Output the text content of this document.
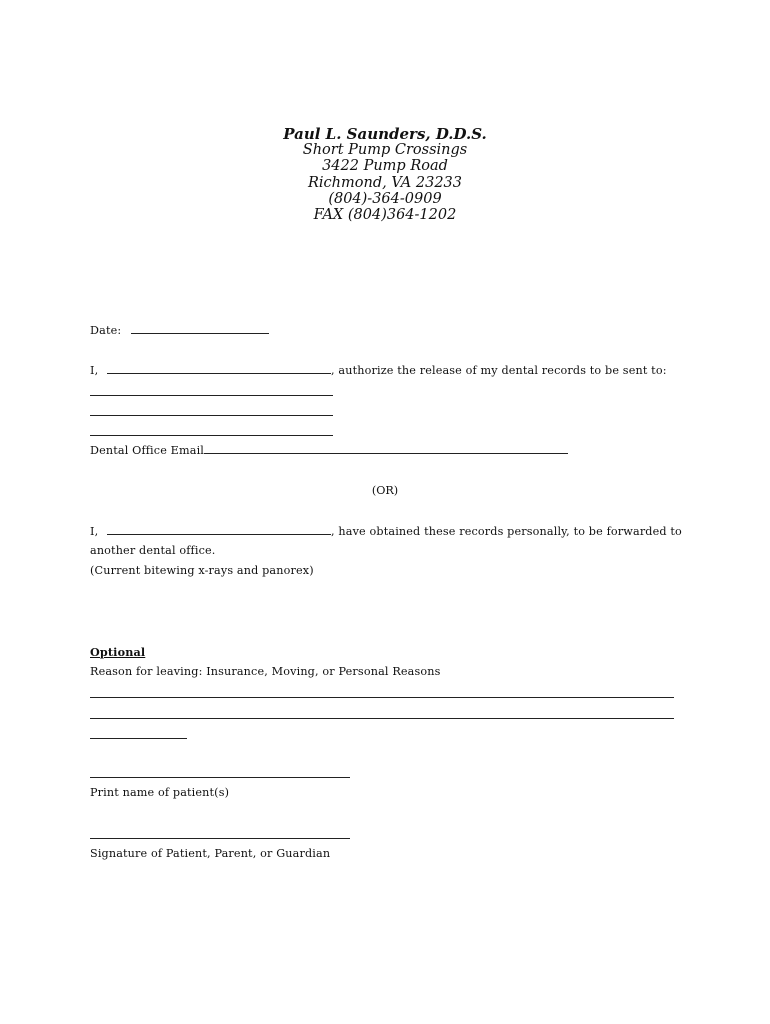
Paul L. Saunders, D.D.S.
Short Pump Crossings
3422 Pump Road
Richmond, VA 23233
(804)-364-0909
FAX (804)364-1202
Date:
I,	, authorize the release of my dental records to be sent to:
Dental Office Email
(OR)
I,	, have obtained these records personally, to be forwarded to
another dental office.
(Current bitewing x-rays and panorex)
Optional
Reason for leaving: Insurance, Moving, or Personal Reasons
Print name of patient(s)
Signature of Patient, Parent, or Guardian
